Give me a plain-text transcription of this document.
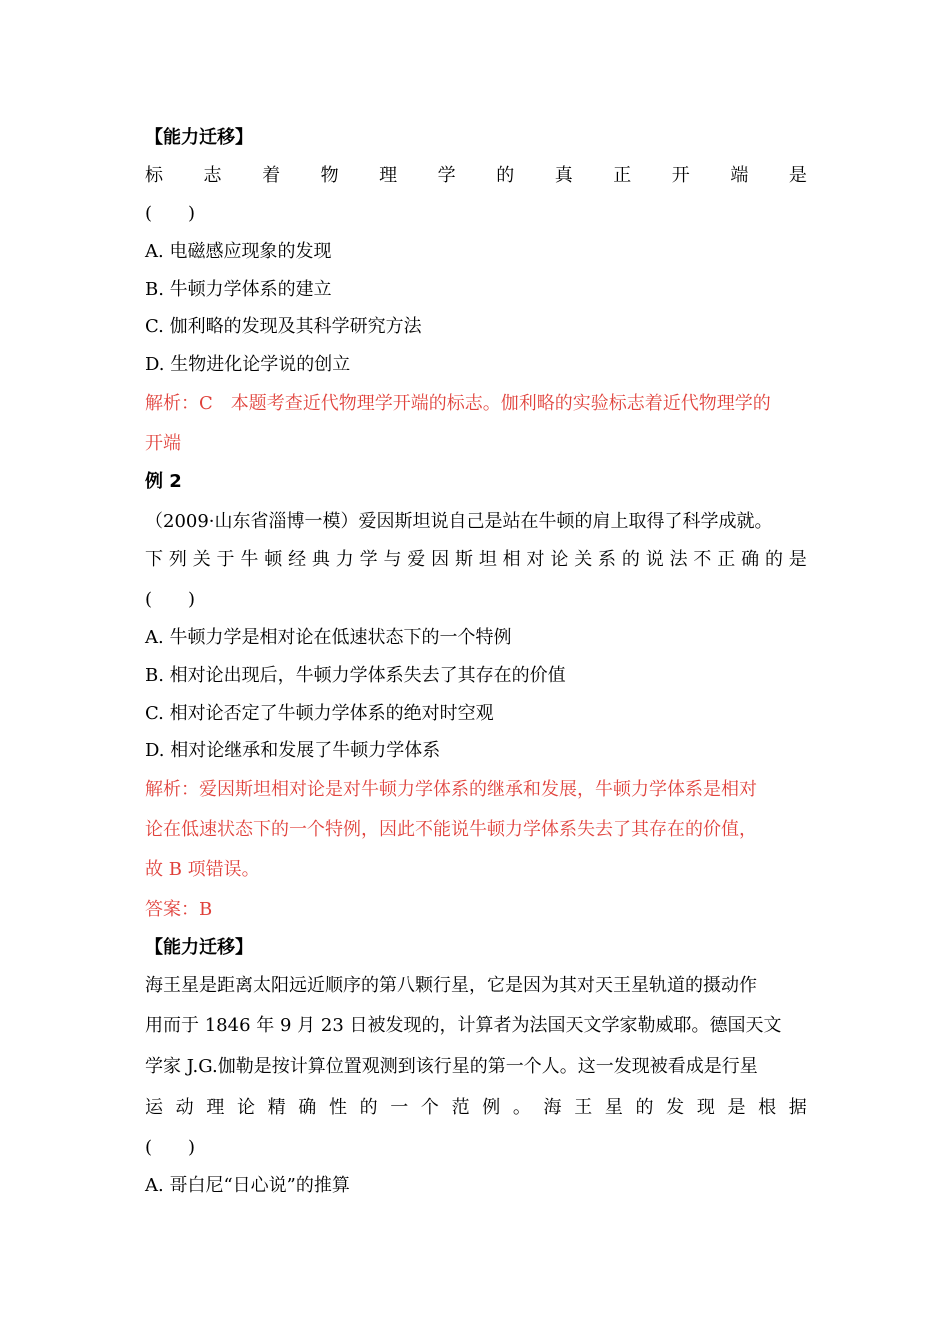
【能力迁移】
标 志 着 物 理 学 的 真 正 开 端 是
(　　)
A. 电磁感应现象的发现
B. 牛顿力学体系的建立
C. 伽利略的发现及其科学研究方法
D. 生物进化论学说的创立
解析：C　本题考查近代物理学开端的标志。伽利略的实验标志着近代物理学的
开端
例 2
（2009·山东省淄博一模）爱因斯坦说自己是站在牛顿的肩上取得了科学成就。
下 列 关 于 牛 顿 经 典 力 学 与 爱 因 斯 坦 相 对 论 关 系 的 说 法 不 正 确 的 是
(　　)
A. 牛顿力学是相对论在低速状态下的一个特例
B. 相对论出现后，牛顿力学体系失去了其存在的价值
C. 相对论否定了牛顿力学体系的绝对时空观
D. 相对论继承和发展了牛顿力学体系
解析：爱因斯坦相对论是对牛顿力学体系的继承和发展，牛顿力学体系是相对
论在低速状态下的一个特例，因此不能说牛顿力学体系失去了其存在的价值，
故 B 项错误。
答案：B
【能力迁移】
海王星是距离太阳远近顺序的第八颗行星，它是因为其对天王星轨道的摄动作
用而于 1846 年 9 月 23 日被发现的，计算者为法国天文学家勒威耶。德国天文
学家 J.G.伽勒是按计算位置观测到该行星的第一个人。这一发现被看成是行星
运 动 理 论 精 确 性 的 一 个 范 例 。 海 王 星 的 发 现 是 根 据
(　　)
A. 哥白尼“日心说”的推算
